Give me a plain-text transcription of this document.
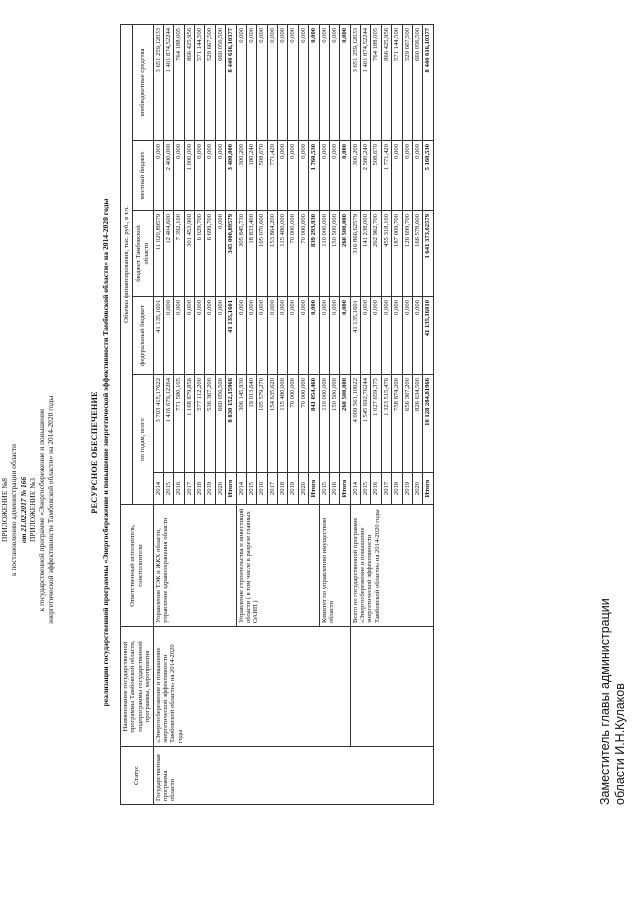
ПРИЛОЖЕНИЕ №8 к постановлению администрации области от 21.02.2017 № 166 ПРИЛОЖЕНИЕ №3 к государственной программе «Энергосбережение и повышение энергетической эффективности Тамбовской области» на 2014-2020 годы	РЕСУРСНОЕ ОБЕСПЕЧЕНИЕ реализации государственной программы «Энергосбережение и повышение энергетической эффективности Тамбовской области» на 2014-2020 годы
Статус	Наименование государственной программы Тамбовской области, подпрограммы государственной программы, мероприятия	Ответственный исполнитель, соисполнители	Объемы финансирования, тыс. руб., в т.ч.					
			по годам, всего		федеральный бюджет	бюджет Тамбовской области	местный бюджет	внебюджетные средства
Государственная программа области	«Энергосбережение и повышение энергетической эффективности Тамбовской области» на 2014-2020 годы	Управление ТЭК и ЖКХ области, управление здравоохранения области	2014	3 703 415,17622	41 135,1601	11 020,89579	0,000	3 651 259,12033
			2015	1 416 679,12264	0,000	12 404,600	2 400,000	1 401 874,52244
			2016	771 580,105	0,000	7 392,100	0,000	764 188,005
			2017	1 168 879,856	0,000	301 453,900	1 000,000	866 425,956
			2018	577 112,200	0,000	6 029,700	0,000	571 144,500
			2019	536 367,200	0,000	6 699,700	0,000	529 667,500
			2020	660 056,500	0,000	0,000	0,000	660 056,500
			Итого	8 830 152,15966	41 135,1601	345 000,89579	3 400,000	8 440 616,10377
		Управление строительства и инвестиций области ( в том числе в разрезе главных ОАИП )	2014	306 145,930	0,000	305 845,730	300,200	0,000
			2015	19 013,640	0,000	18 833,400	180,240	0,000
			2016	105 579,270	0,000	105 070,600	508,670	0,000
			2017	154 635,620	0,000	153 864,200	771,420	0,000
			2018	115 480,000	0,000	115 480,000	0,000	0,000
			2019	70 000,000	0,000	70 000,000	0,000	0,000
			2020	70 000,000	0,000	70 000,000	0,000	0,000
			Итого	841 054,460	0,000	839 293,930	1 760,530	0,000
		Комитет по управлению имуществом области	2015	110 000,000	0,000	110 000,000	0,000	0,000
			2016	150 500,000	0,000	150 500,000	0,000	0,000
			Итого	260 500,000	0,000	260 500,000	0,000	0,000
		Всего по государственной программе «Энергосбережение и повышение энергетической эффективности Тамбовской области» на 2014-2020 годы	2014	4 009 561,10622	41 135,1601	316 866,62579	300,200	3 651 259,12033
			2015	1 545 692,76244	0,000	141 238,000	2 580,240	1 401 874,52244
			2016	1 027 659,375	0,000	262 962,700	508,670	764 188,005
			2017	1 323 515,476	0,000	455 318,100	1 771,420	866 425,956
			2018	758 874,200	0,000	187 009,700	0,000	571 144,500
			2019	656 367,200	0,000	126 699,700	0,000	529 667,500
			2020	826 634,500	0,000	166 578,000	0,000	660 056,500
			Итого	10 128 284,81966	41 135,16010	1 641 373,02579	5 160,530	8 440 616,10377
Заместитель главы администрации области И.Н.Кулаков
